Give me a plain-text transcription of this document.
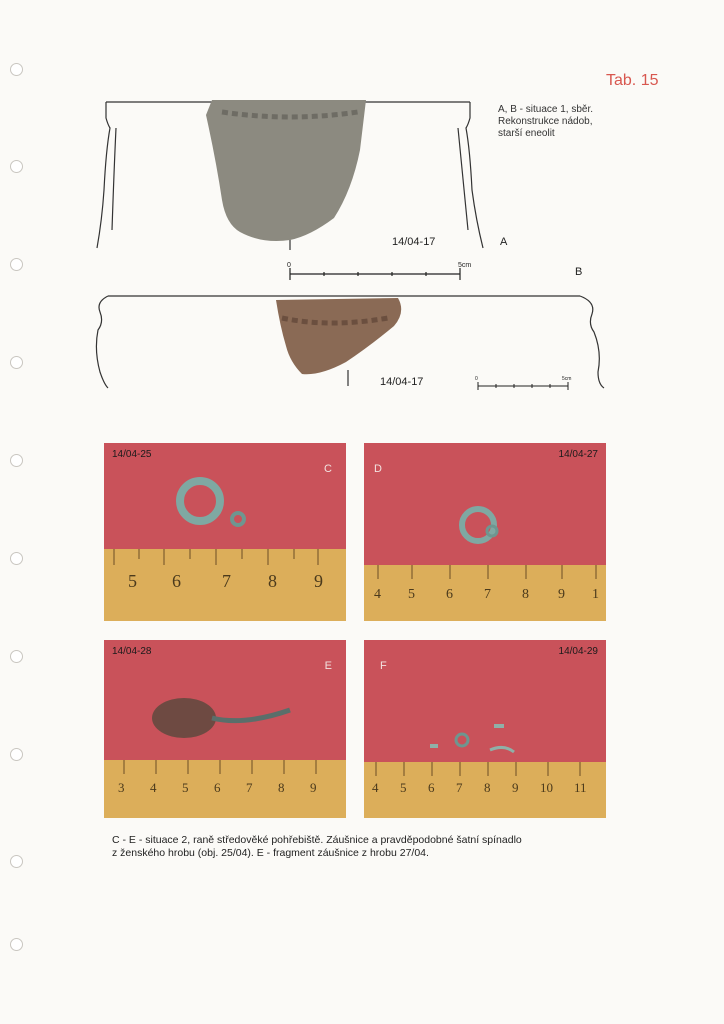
Tab. 15
A, B - situace 1, sběr.
Rekonstrukce nádob,
starší eneolit
14/04-17	A
0	5cm
B
14/04-17	0	5cm
14/04-25
C
5 6 7 8 9
14/04-27
D
4 5 6 7 8 9 1
14/04-28
E
3 4 5 6 7 8 9
14/04-29
F
4 5 6 7 8 9 10 11
C - E - situace 2, raně středověké pohřebiště. Záušnice a pravděpodobné šatní spínadlo
z ženského hrobu (obj. 25/04). E - fragment záušnice z hrobu 27/04.
